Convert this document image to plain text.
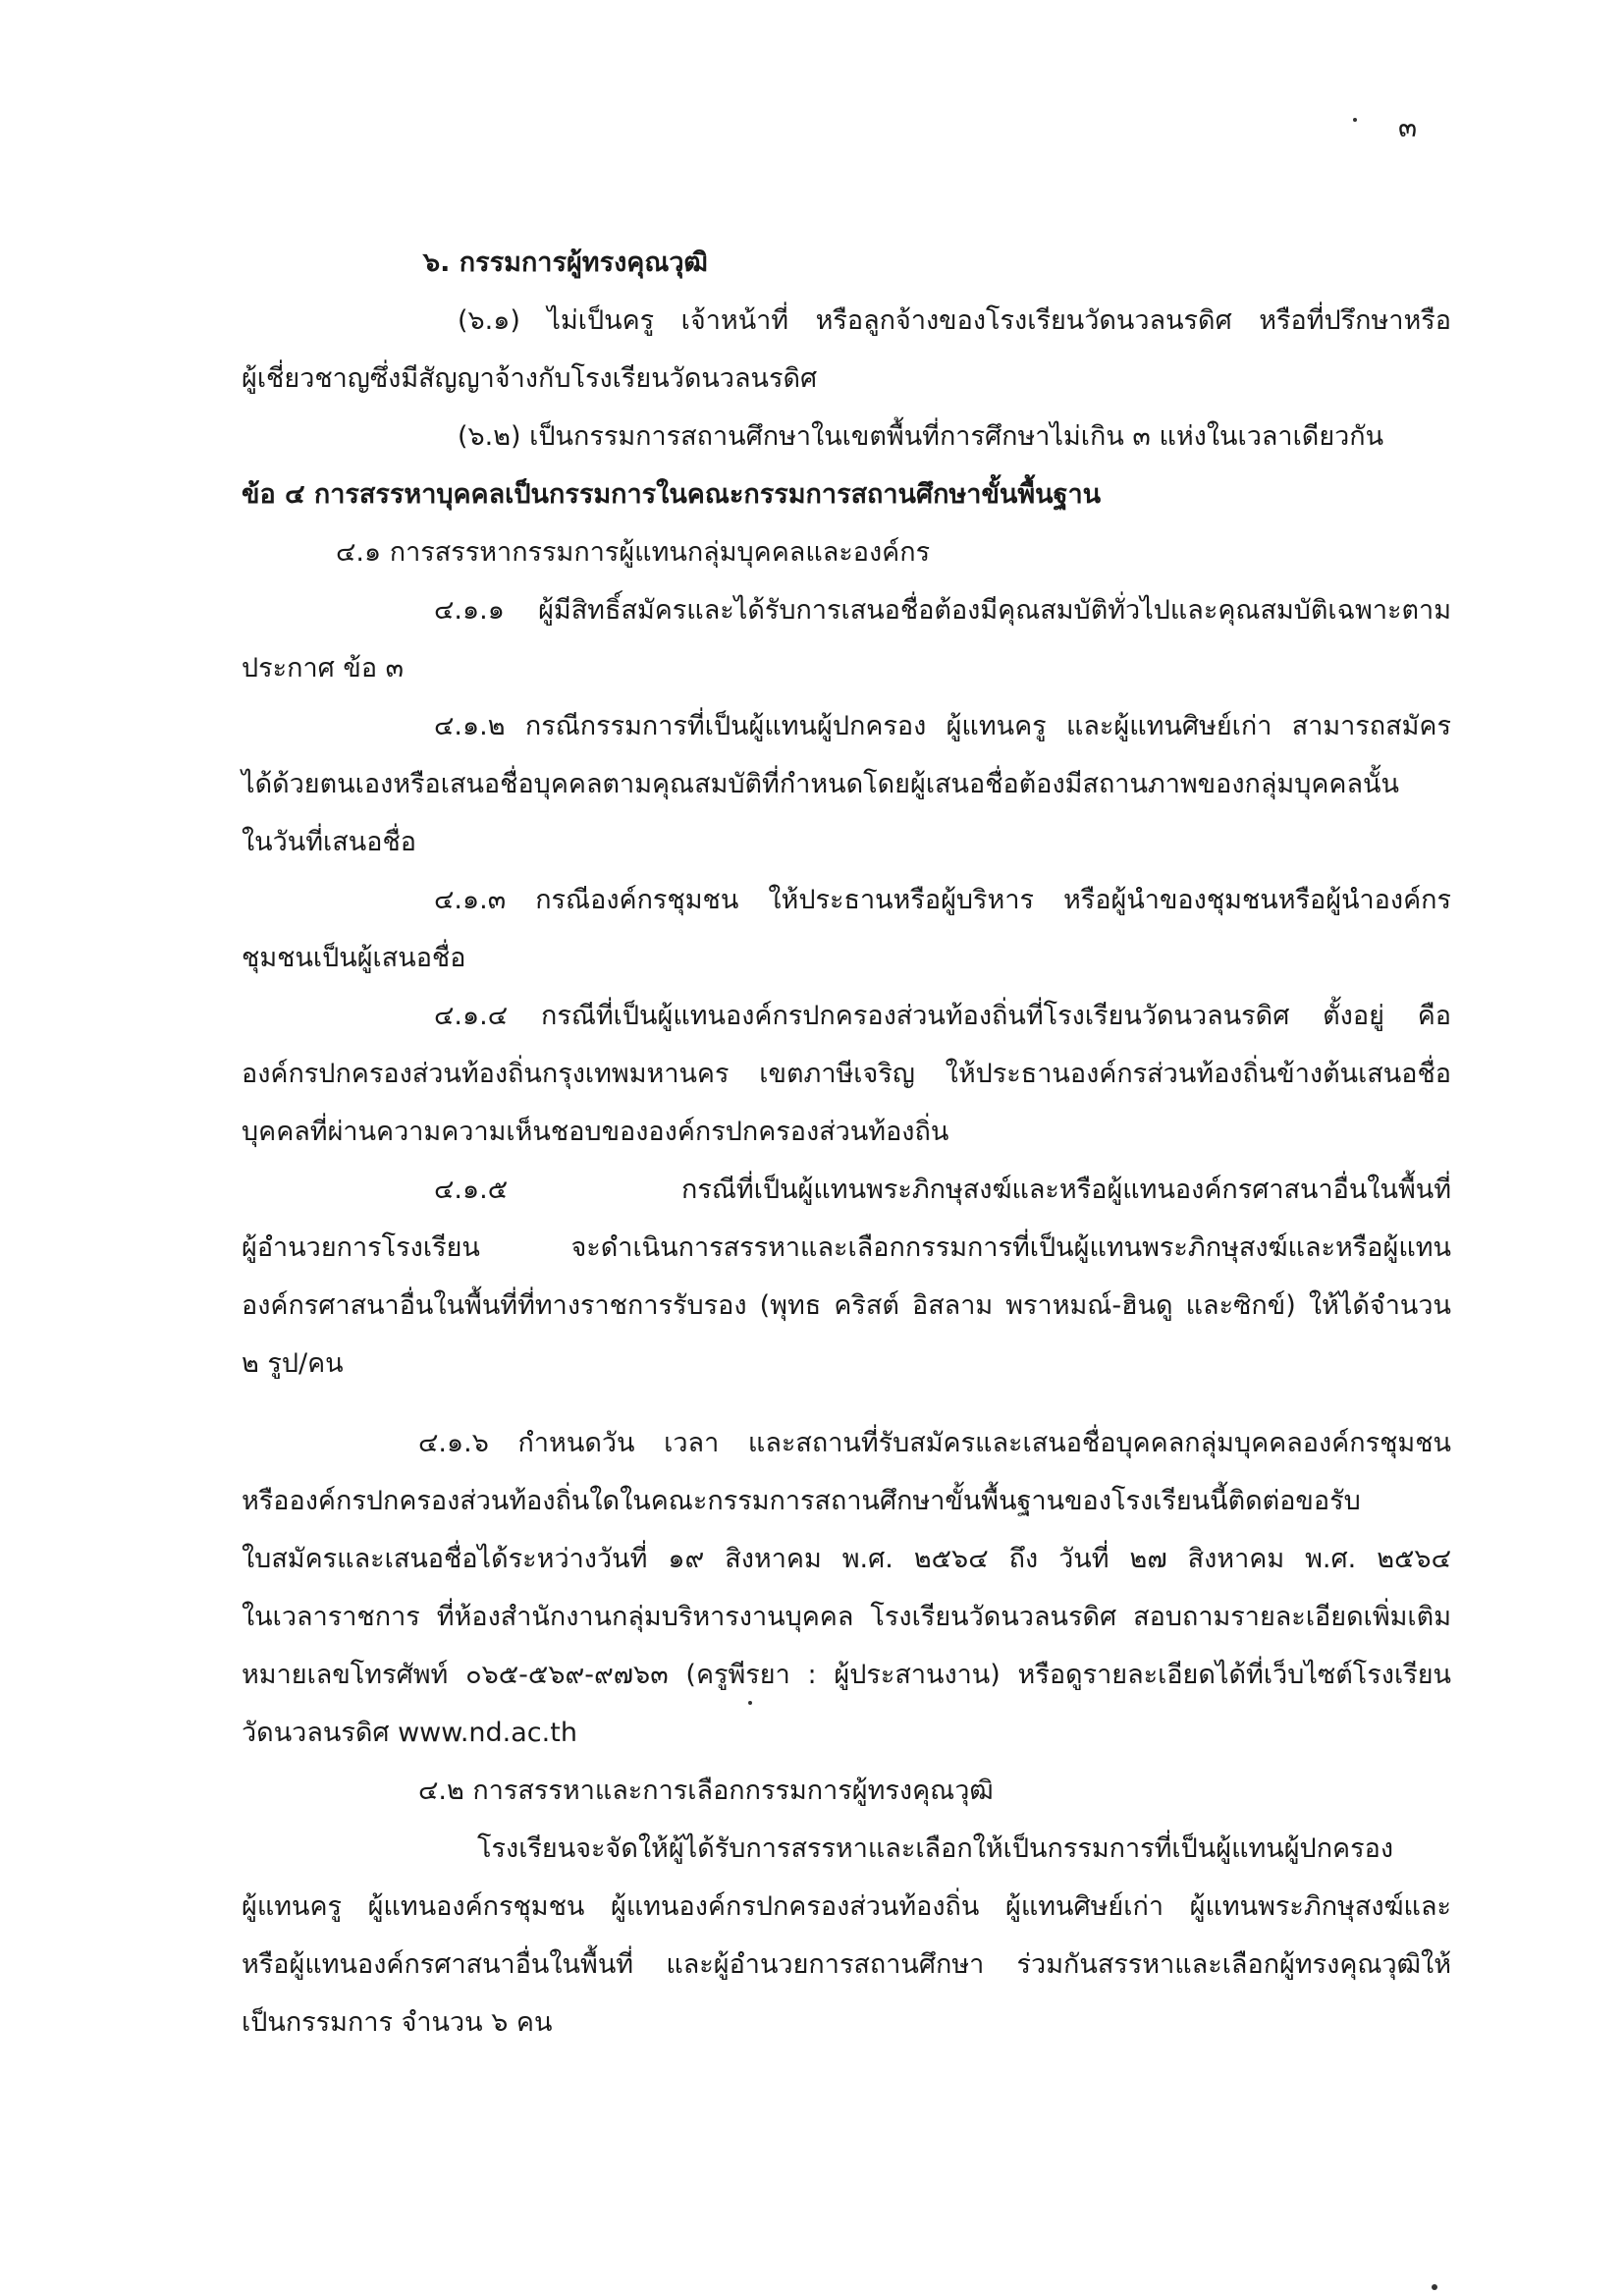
๓
๖. กรรมการผู้ทรงคุณวุฒิ
(๖.๑) ไม่เป็นครู เจ้าหน้าที่ หรือลูกจ้างของโรงเรียนวัดนวลนรดิศ หรือที่ปรึกษาหรือ
ผู้เชี่ยวชาญซึ่งมีสัญญาจ้างกับโรงเรียนวัดนวลนรดิศ
(๖.๒) เป็นกรรมการสถานศึกษาในเขตพื้นที่การศึกษาไม่เกิน ๓ แห่งในเวลาเดียวกัน
ข้อ ๔ การสรรหาบุคคลเป็นกรรมการในคณะกรรมการสถานศึกษาขั้นพื้นฐาน
๔.๑ การสรรหากรรมการผู้แทนกลุ่มบุคคลและองค์กร
๔.๑.๑ ผู้มีสิทธิ์สมัครและได้รับการเสนอชื่อต้องมีคุณสมบัติทั่วไปและคุณสมบัติเฉพาะตาม
ประกาศ ข้อ ๓
๔.๑.๒ กรณีกรรมการที่เป็นผู้แทนผู้ปกครอง ผู้แทนครู และผู้แทนศิษย์เก่า สามารถสมัคร
ได้ด้วยตนเองหรือเสนอชื่อบุคคลตามคุณสมบัติที่กำหนดโดยผู้เสนอชื่อต้องมีสถานภาพของกลุ่มบุคคลนั้น
ในวันที่เสนอชื่อ
๔.๑.๓ กรณีองค์กรชุมชน ให้ประธานหรือผู้บริหาร หรือผู้นำของชุมชนหรือผู้นำองค์กร
ชุมชนเป็นผู้เสนอชื่อ
๔.๑.๔ กรณีที่เป็นผู้แทนองค์กรปกครองส่วนท้องถิ่นที่โรงเรียนวัดนวลนรดิศ ตั้งอยู่ คือ
องค์กรปกครองส่วนท้องถิ่นกรุงเทพมหานคร เขตภาษีเจริญ ให้ประธานองค์กรส่วนท้องถิ่นข้างต้นเสนอชื่อ
บุคคลที่ผ่านความความเห็นชอบขององค์กรปกครองส่วนท้องถิ่น
๔.๑.๕ กรณีที่เป็นผู้แทนพระภิกษุสงฆ์และหรือผู้แทนองค์กรศาสนาอื่นในพื้นที่
ผู้อำนวยการโรงเรียน จะดำเนินการสรรหาและเลือกกรรมการที่เป็นผู้แทนพระภิกษุสงฆ์และหรือผู้แทน
องค์กรศาสนาอื่นในพื้นที่ที่ทางราชการรับรอง (พุทธ คริสต์ อิสลาม พราหมณ์-ฮินดู และซิกข์) ให้ได้จำนวน
๒ รูป/คน
๔.๑.๖ กำหนดวัน เวลา และสถานที่รับสมัครและเสนอชื่อบุคคลกลุ่มบุคคลองค์กรชุมชน
หรือองค์กรปกครองส่วนท้องถิ่นใดในคณะกรรมการสถานศึกษาขั้นพื้นฐานของโรงเรียนนี้ติดต่อขอรับ
ใบสมัครและเสนอชื่อได้ระหว่างวันที่ ๑๙ สิงหาคม พ.ศ. ๒๕๖๔ ถึง วันที่ ๒๗ สิงหาคม พ.ศ. ๒๕๖๔
ในเวลาราชการ ที่ห้องสำนักงานกลุ่มบริหารงานบุคคล โรงเรียนวัดนวลนรดิศ สอบถามรายละเอียดเพิ่มเติม
หมายเลขโทรศัพท์ ๐๖๕-๕๖๙-๙๗๖๓ (ครูพีรยา : ผู้ประสานงาน) หรือดูรายละเอียดได้ที่เว็บไซต์โรงเรียน
วัดนวลนรดิศ www.nd.ac.th
๔.๒ การสรรหาและการเลือกกรรมการผู้ทรงคุณวุฒิ
โรงเรียนจะจัดให้ผู้ได้รับการสรรหาและเลือกให้เป็นกรรมการที่เป็นผู้แทนผู้ปกครอง
ผู้แทนครู ผู้แทนองค์กรชุมชน ผู้แทนองค์กรปกครองส่วนท้องถิ่น ผู้แทนศิษย์เก่า ผู้แทนพระภิกษุสงฆ์และ
หรือผู้แทนองค์กรศาสนาอื่นในพื้นที่ และผู้อำนวยการสถานศึกษา ร่วมกันสรรหาและเลือกผู้ทรงคุณวุฒิให้
เป็นกรรมการ จำนวน ๖ คน
